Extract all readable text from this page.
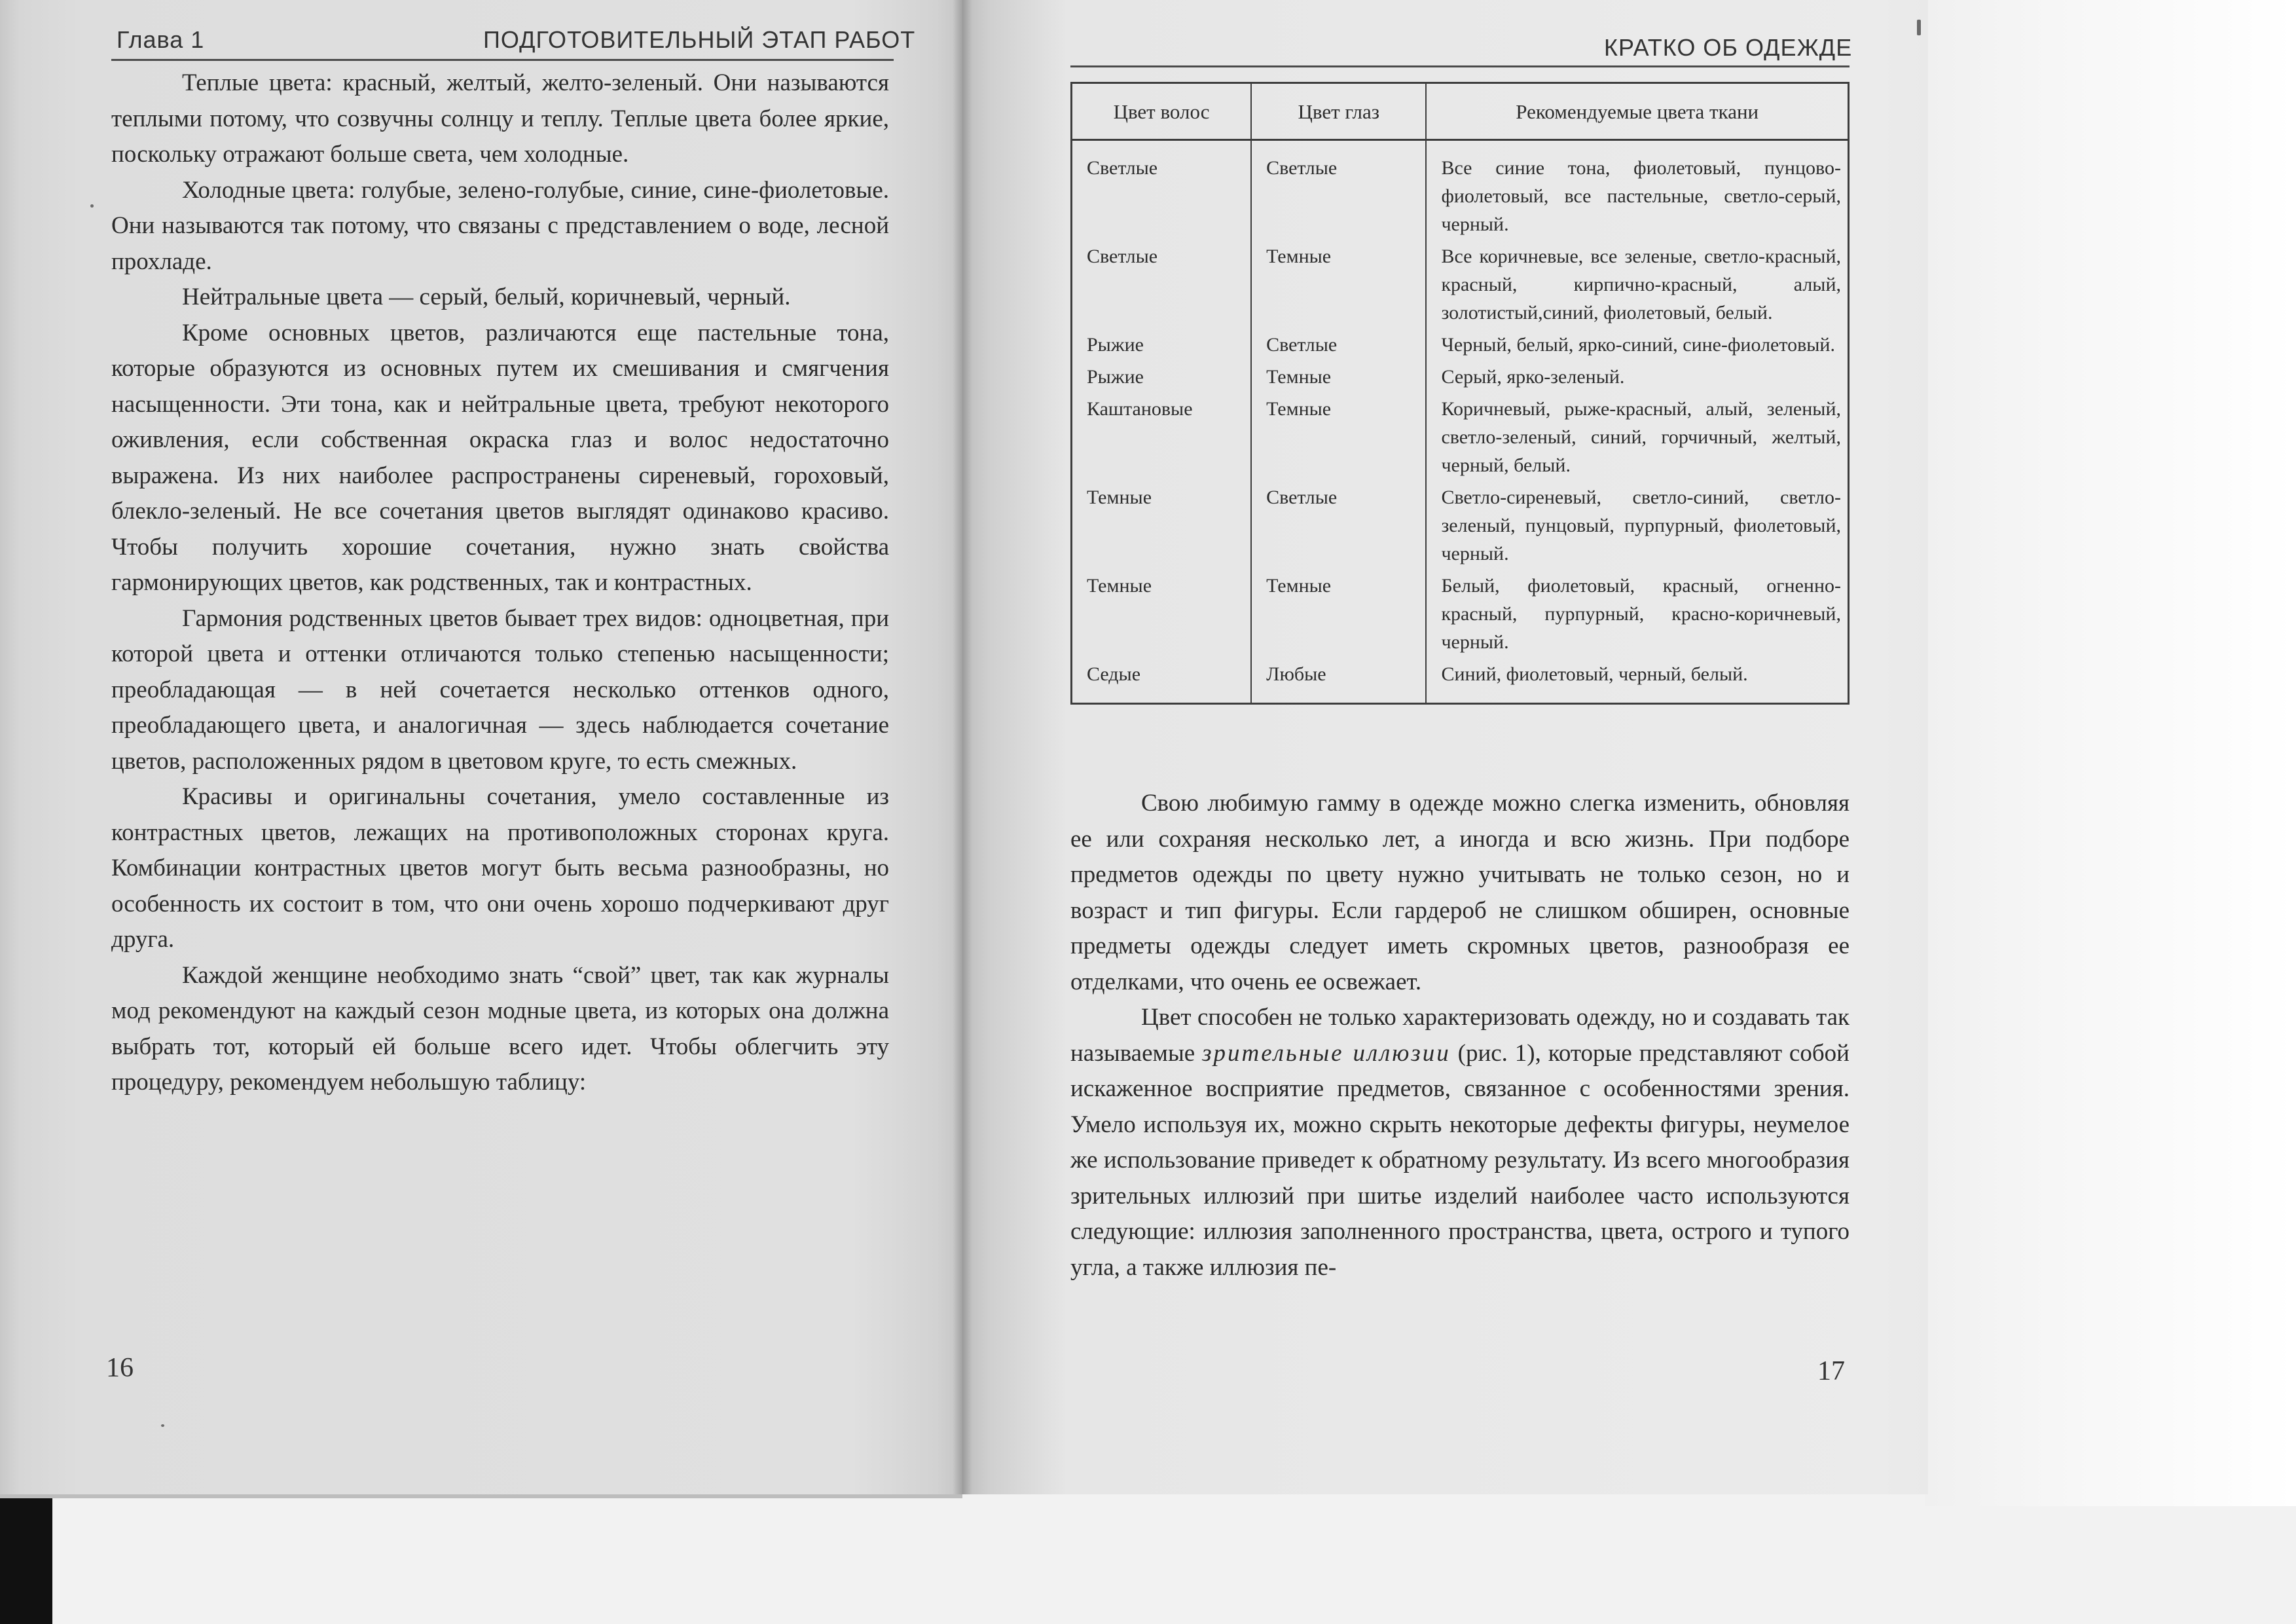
Глава 1	ПОДГОТОВИТЕЛЬНЫЙ ЭТАП РАБОТ

Теплые цвета: красный, желтый, желто-зеленый. Они называются теплыми потому, что созвучны солнцу и теплу. Теплые цвета более яркие, поскольку отражают больше света, чем холодные.

Холодные цвета: голубые, зелено-голубые, синие, сине-фиолетовые. Они называются так потому, что связаны с представлением о воде, лесной прохладе.

Нейтральные цвета — серый, белый, коричневый, черный.

Кроме основных цветов, различаются еще пастельные тона, которые образуются из основных путем их смешивания и смягчения насыщенности. Эти тона, как и нейтральные цвета, требуют некоторого оживления, если собственная окраска глаз и волос недостаточно выражена. Из них наиболее распространены сиреневый, гороховый, блекло-зеленый. Не все сочетания цветов выглядят одинаково красиво. Чтобы получить хорошие сочетания, нужно знать свойства гармонирующих цветов, как родственных, так и контрастных.

Гармония родственных цветов бывает трех видов: одноцветная, при которой цвета и оттенки отличаются только степенью насыщенности; преобладающая — в ней сочетается несколько оттенков одного, преобладающего цвета, и аналогичная — здесь наблюдается сочетание цветов, расположенных рядом в цветовом круге, то есть смежных.

Красивы и оригинальны сочетания, умело составленные из контрастных цветов, лежащих на противоположных сторонах круга. Комбинации контрастных цветов могут быть весьма разнообразны, но особенность их состоит в том, что они очень хорошо подчеркивают друг друга.

Каждой женщине необходимо знать “свой” цвет, так как журналы мод рекомендуют на каждый сезон модные цвета, из которых она должна выбрать тот, который ей больше всего идет. Чтобы облегчить эту процедуру, рекомендуем небольшую таблицу:

16
КРАТКО ОБ ОДЕЖДЕ
Цвет волос	Цвет глаз	Рекомендуемые цвета ткани
Светлые	Светлые	Все синие тона, фиолетовый, пунцово-фиолетовый, все пастельные, светло-серый, черный.
Светлые	Темные	Все коричневые, все зеленые, светло-красный, красный, кирпично-красный, алый, золотистый,синий, фиолетовый, белый.
Рыжие	Светлые	Черный, белый, ярко-синий, сине-фиолетовый.
Рыжие	Темные	Серый, ярко-зеленый.
Каштановые	Темные	Коричневый, рыже-красный, алый, зеленый, светло-зеленый, синий, горчичный, желтый, черный, белый.
Темные	Светлые	Светло-сиреневый, светло-синий, светло-зеленый, пунцовый, пурпурный, фиолетовый, черный.
Темные	Темные	Белый, фиолетовый, красный, огненно-красный, пурпурный, красно-коричневый, черный.
Седые	Любые	Синий, фиолетовый, черный, белый.

Свою любимую гамму в одежде можно слегка изменить, обновляя ее или сохраняя несколько лет, а иногда и всю жизнь. При подборе предметов одежды по цвету нужно учитывать не только сезон, но и возраст и тип фигуры. Если гардероб не слишком обширен, основные предметы одежды следует иметь скромных цветов, разнообразя ее отделками, что очень ее освежает.

Цвет способен не только характеризовать одежду, но и создавать так называемые зрительные иллюзии (рис. 1), которые представляют собой искаженное восприятие предметов, связанное с особенностями зрения. Умело используя их, можно скрыть некоторые дефекты фигуры, неумелое же использование приведет к обратному результату. Из всего многообразия зрительных иллюзий при шитье изделий наиболее часто используются следующие: иллюзия заполненного пространства, цвета, острого и тупого угла, а также иллюзия пе-

17
